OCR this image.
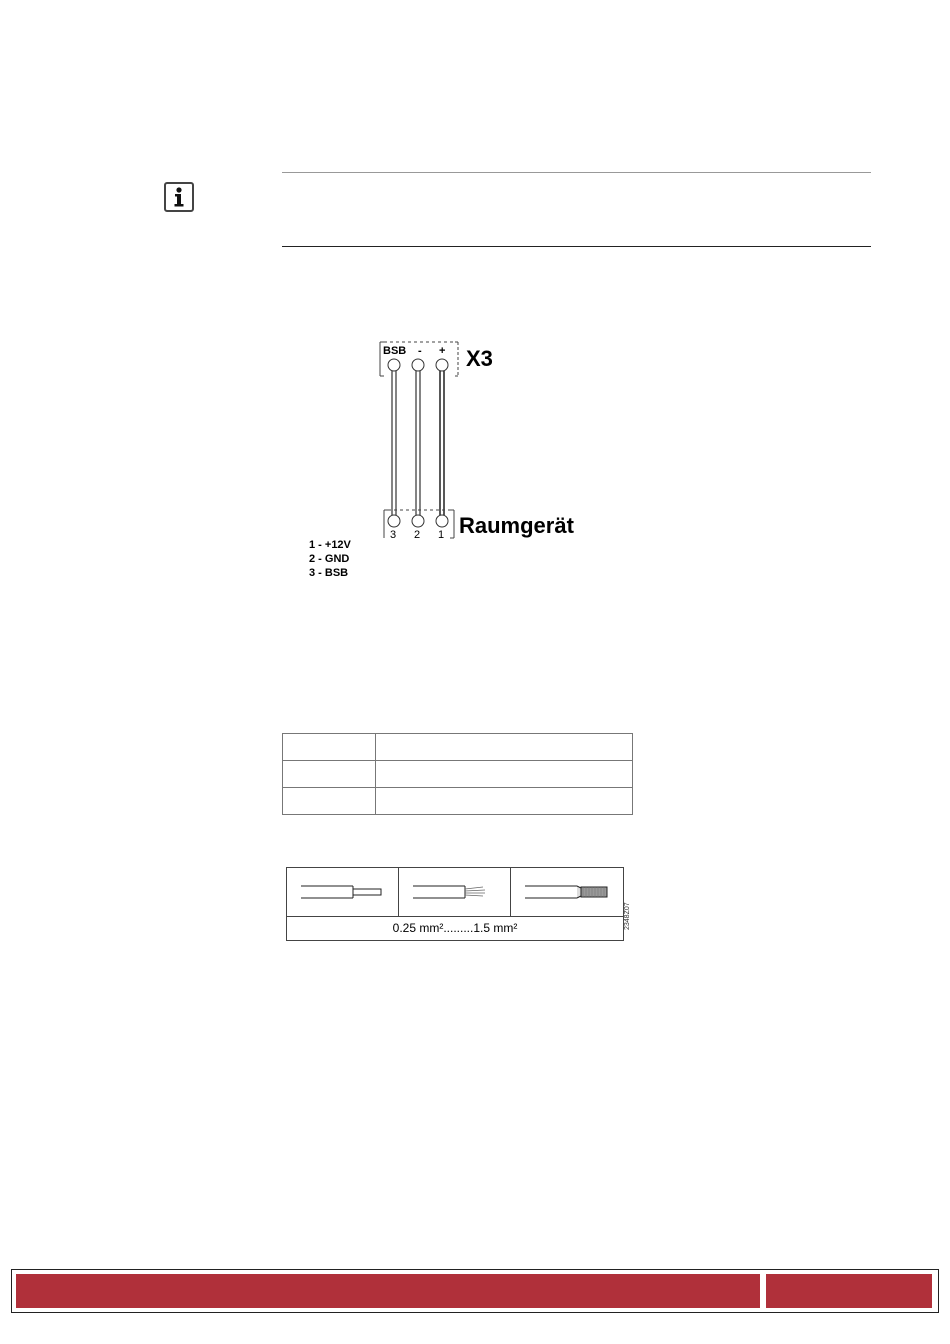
BSB - + X3
3 2 1 Raumgerät
1 - +12V
2 - GND
3 - BSB

0.25 mm².........1.5 mm²	2348Z07
